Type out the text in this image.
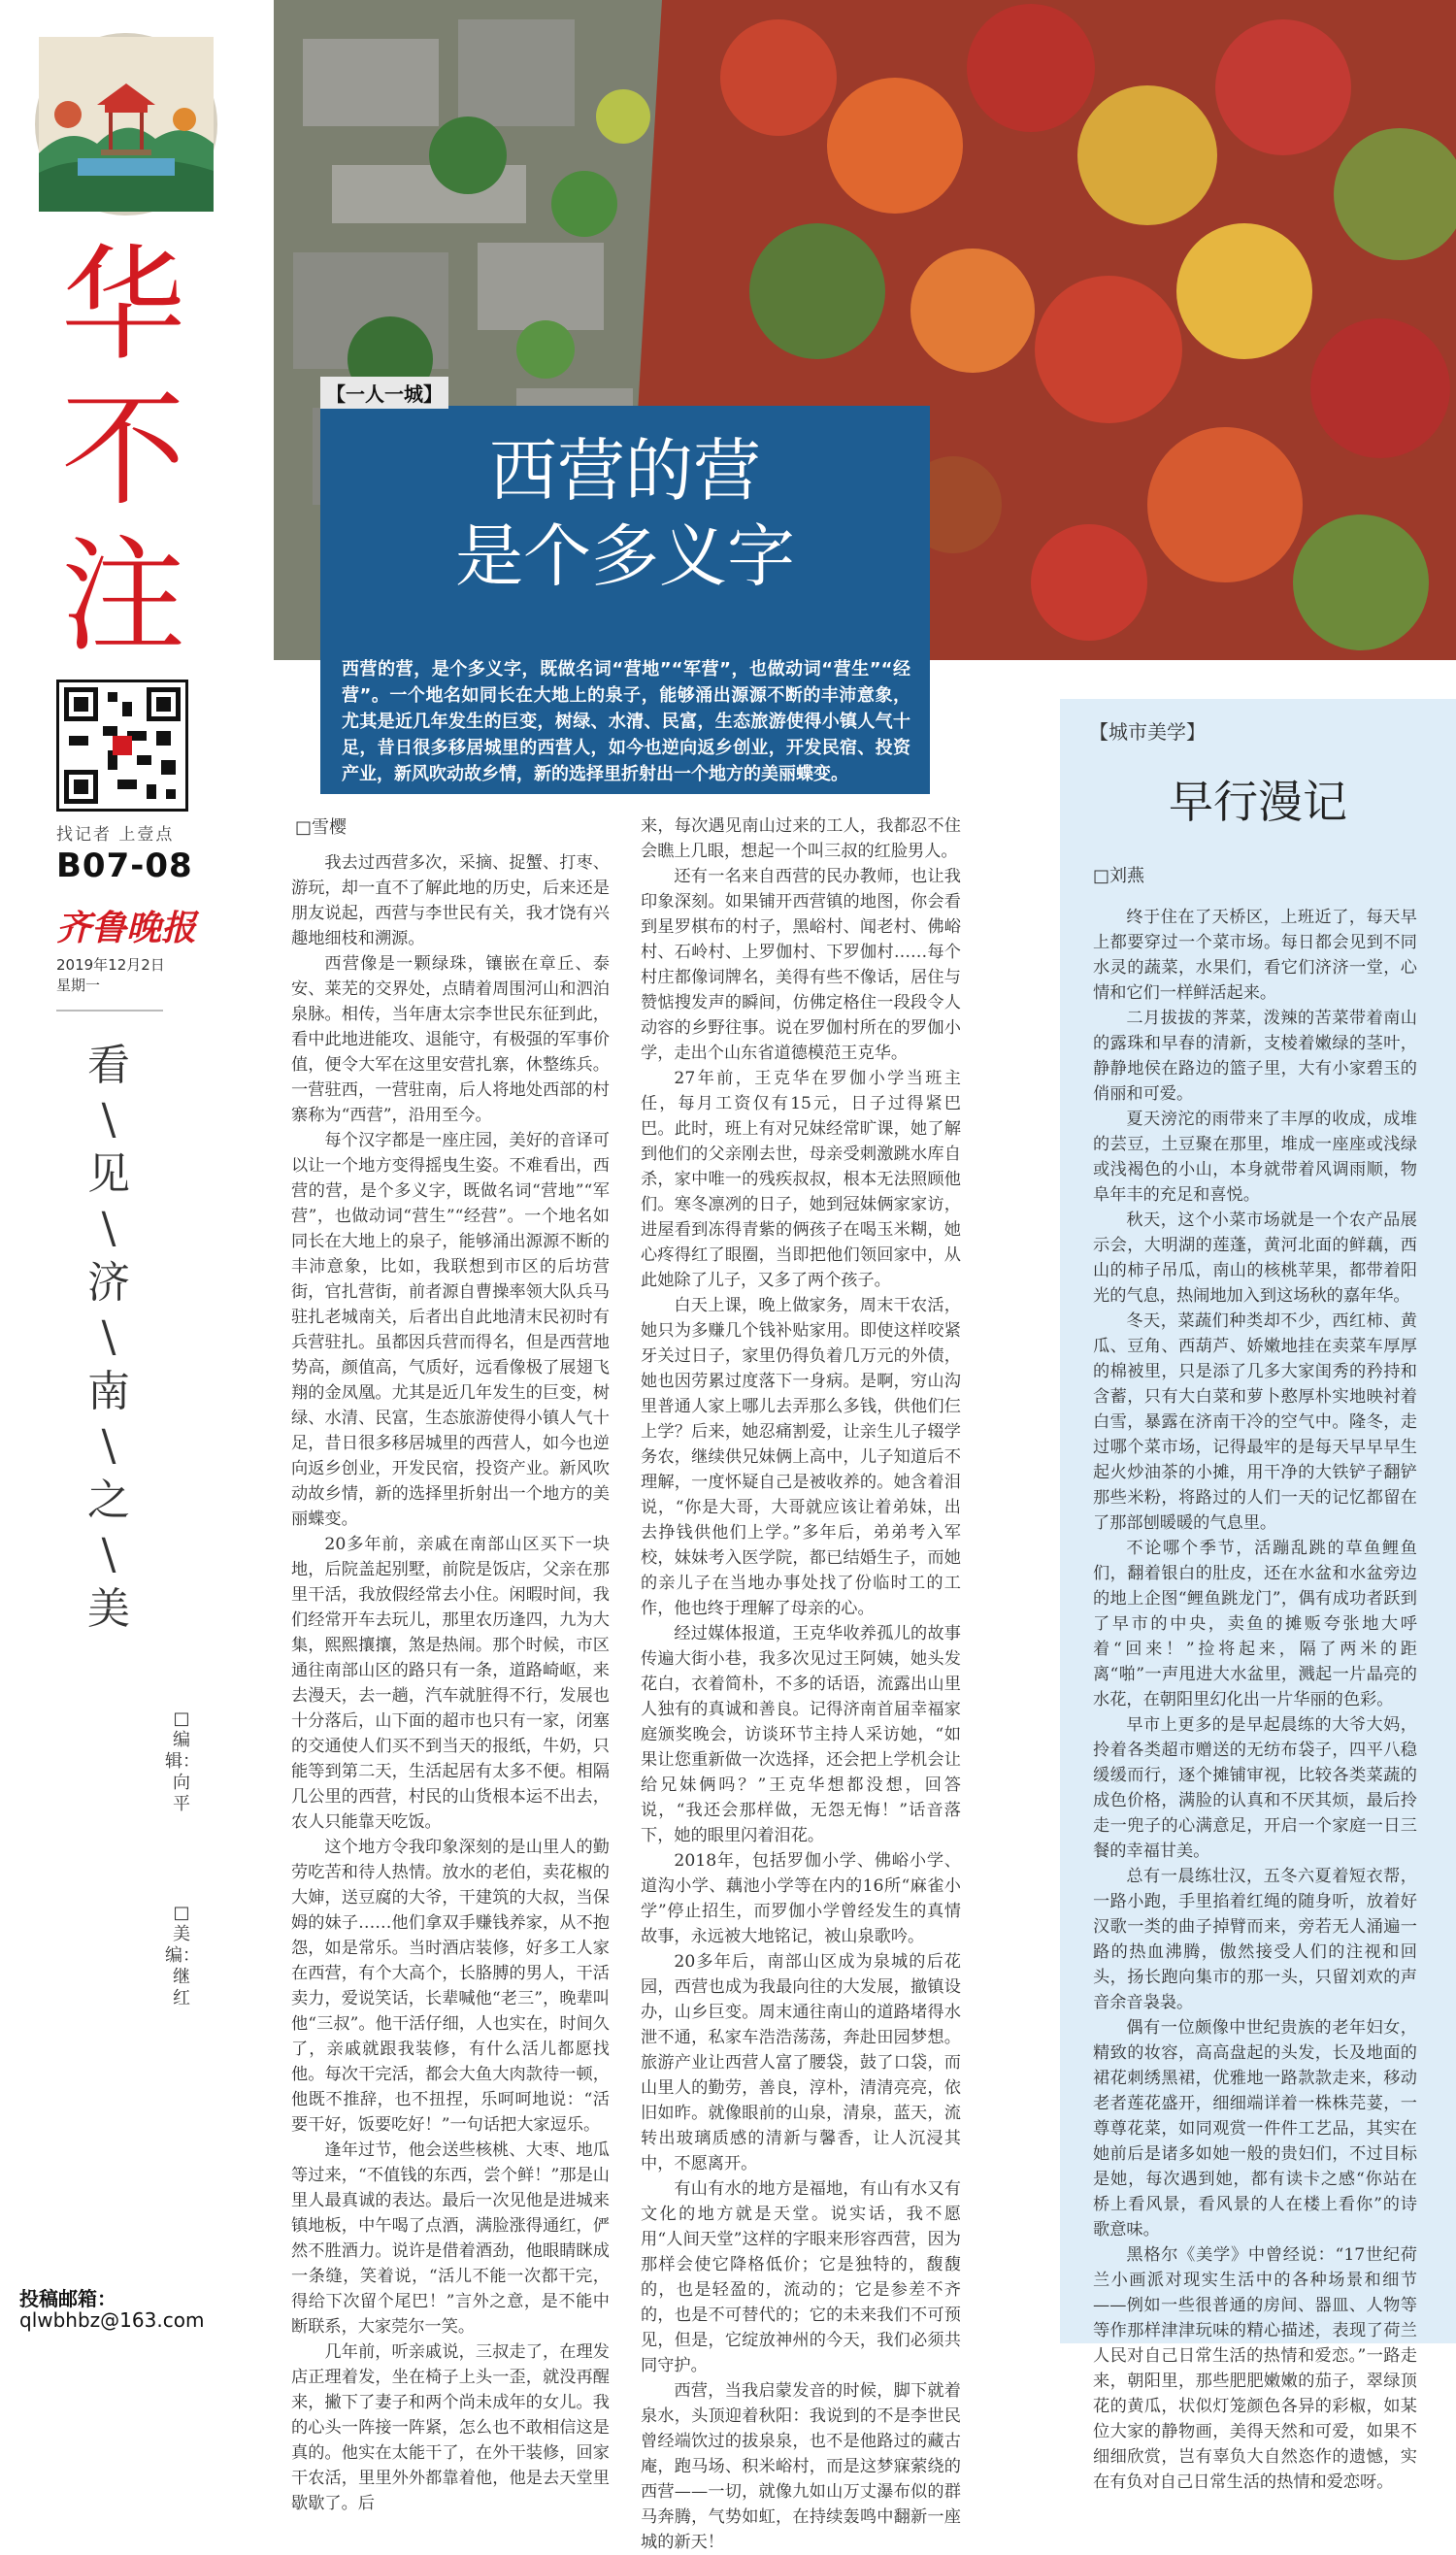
华
不
注
找记者 上壹点
B07-08
齐鲁晚报
2019年12月2日
星期一
看
\
见
\
济
\
南
\
之
\
美
□编辑：向平
□美编：继红
投稿邮箱：
qlwbhbz@163.com
【一人一城】
西营的营
是个多义字
西营的营，是个多义字，既做名词“营地”“军营”，也做动词“营生”“经营”。一个地名如同长在大地上的泉子，能够涌出源源不断的丰沛意象，尤其是近几年发生的巨变，树绿、水清、民富，生态旅游使得小镇人气十足，昔日很多移居城里的西营人，如今也逆向返乡创业，开发民宿、投资产业，新风吹动故乡情，新的选择里折射出一个地方的美丽蝶变。
□雪樱

我去过西营多次，采摘、捉蟹、打枣、游玩，却一直不了解此地的历史，后来还是朋友说起，西营与李世民有关，我才饶有兴趣地细枝和溯源。

西营像是一颗绿珠，镶嵌在章丘、泰安、莱芜的交界处，点睛着周围河山和泗泊泉脉。相传，当年唐太宗李世民东征到此，看中此地进能攻、退能守，有极强的军事价值，便令大军在这里安营扎寨，休整练兵。一营驻西，一营驻南，后人将地处西部的村寨称为“西营”，沿用至今。

每个汉字都是一座庄园，美好的音译可以让一个地方变得摇曳生姿。不难看出，西营的营，是个多义字，既做名词“营地”“军营”，也做动词“营生”“经营”。一个地名如同长在大地上的泉子，能够涌出源源不断的丰沛意象，比如，我联想到市区的后坊营街，官扎营街，前者源自曹操率领大队兵马驻扎老城南关，后者出自此地清末民初时有兵营驻扎。虽都因兵营而得名，但是西营地势高，颜值高，气质好，远看像极了展翅飞翔的金凤凰。尤其是近几年发生的巨变，树绿、水清、民富，生态旅游使得小镇人气十足，昔日很多移居城里的西营人，如今也逆向返乡创业，开发民宿，投资产业。新风吹动故乡情，新的选择里折射出一个地方的美丽蝶变。

20多年前，亲戚在南部山区买下一块地，后院盖起别墅，前院是饭店，父亲在那里干活，我放假经常去小住。闲暇时间，我们经常开车去玩儿，那里农历逢四，九为大集，熙熙攘攘，煞是热闹。那个时候，市区通往南部山区的路只有一条，道路崎岖，来去漫天，去一趟，汽车就脏得不行，发展也十分落后，山下面的超市也只有一家，闭塞的交通使人们买不到当天的报纸，牛奶，只能等到第二天，生活起居有太多不便。相隔几公里的西营，村民的山货根本运不出去，农人只能靠天吃饭。

这个地方令我印象深刻的是山里人的勤劳吃苦和待人热情。放水的老伯，卖花椒的大婶，送豆腐的大爷，干建筑的大叔，当保姆的妹子……他们拿双手赚钱养家，从不抱怨，如是常乐。当时酒店装修，好多工人家在西营，有个大高个，长胳膊的男人，干活卖力，爱说笑话，长辈喊他“老三”，晚辈叫他“三叔”。他干活仔细，人也实在，时间久了，亲戚就跟我装修，有什么活儿都愿找他。每次干完活，都会大鱼大肉款待一顿，他既不推辞，也不扭捏，乐呵呵地说：“活要干好，饭要吃好！”一句话把大家逗乐。

逢年过节，他会送些核桃、大枣、地瓜等过来，“不值钱的东西，尝个鲜！”那是山里人最真诚的表达。最后一次见他是进城来镇地板，中午喝了点酒，满脸涨得通红，俨然不胜酒力。说许是借着酒劲，他眼睛眯成一条缝，笑着说，“活儿不能一次都干完，得给下次留个尾巴！”言外之意，是不能中断联系，大家莞尔一笑。

几年前，听亲戚说，三叔走了，在理发店正理着发，坐在椅子上头一歪，就没再醒来，撇下了妻子和两个尚未成年的女儿。我的心头一阵接一阵紧，怎么也不敢相信这是真的。他实在太能干了，在外干装修，回家干农活，里里外外都靠着他，他是去天堂里歇歇了。后

来，每次遇见南山过来的工人，我都忍不住会瞧上几眼，想起一个叫三叔的红脸男人。

还有一名来自西营的民办教师，也让我印象深刻。如果铺开西营镇的地图，你会看到星罗棋布的村子，黑峪村、闻老村、佛峪村、石岭村、上罗伽村、下罗伽村……每个村庄都像词牌名，美得有些不像话，居住与赞惦搜发声的瞬间，仿佛定格住一段段令人动容的乡野往事。说在罗伽村所在的罗伽小学，走出个山东省道德模范王克华。

27年前，王克华在罗伽小学当班主任，每月工资仅有15元，日子过得紧巴巴。此时，班上有对兄妹经常旷课，她了解到他们的父亲刚去世，母亲受刺激跳水库自杀，家中唯一的残疾叔叔，根本无法照顾他们。寒冬凛冽的日子，她到冠妹俩家家访，进屋看到冻得青紫的俩孩子在喝玉米糊，她心疼得红了眼圈，当即把他们领回家中，从此她除了儿子，又多了两个孩子。

白天上课，晚上做家务，周末干农活，她只为多赚几个钱补贴家用。即使这样咬紧牙关过日子，家里仍得负着几万元的外债，她也因劳累过度落下一身病。是啊，穷山沟里普通人家上哪儿去弄那么多钱，供他们仨上学？后来，她忍痛割爱，让亲生儿子辍学务农，继续供兄妹俩上高中，儿子知道后不理解，一度怀疑自己是被收养的。她含着泪说，“你是大哥，大哥就应该让着弟妹，出去挣钱供他们上学。”多年后，弟弟考入军校，妹妹考入医学院，都已结婚生子，而她的亲儿子在当地办事处找了份临时工的工作，他也终于理解了母亲的心。

经过媒体报道，王克华收养孤儿的故事传遍大街小巷，我多次见过王阿姨，她头发花白，衣着简朴，不多的话语，流露出山里人独有的真诚和善良。记得济南首届幸福家庭颁奖晚会，访谈环节主持人采访她，“如果让您重新做一次选择，还会把上学机会让给兄妹俩吗？”王克华想都没想，回答说，“我还会那样做，无怨无悔！”话音落下，她的眼里闪着泪花。

2018年，包括罗伽小学、佛峪小学、道沟小学、藕池小学等在内的16所“麻雀小学”停止招生，而罗伽小学曾经发生的真情故事，永远被大地铭记，被山泉歌吟。

20多年后，南部山区成为泉城的后花园，西营也成为我最向往的大发展，撤镇设办，山乡巨变。周末通往南山的道路堵得水泄不通，私家车浩浩荡荡，奔赴田园梦想。旅游产业让西营人富了腰袋，鼓了口袋，而山里人的勤劳，善良，淳朴，清清亮亮，依旧如昨。就像眼前的山泉，清泉，蓝天，流转出玻璃质感的清新与馨香，让人沉浸其中，不愿离开。

有山有水的地方是福地，有山有水又有文化的地方就是天堂。说实话，我不愿用“人间天堂”这样的字眼来形容西营，因为那样会使它降格低价；它是独特的，馥馥的，也是轻盈的，流动的；它是参差不齐的，也是不可替代的；它的未来我们不可预见，但是，它绽放神州的今天，我们必须共同守护。

西营，当我启蒙发音的时候，脚下就着泉水，头顶迎着秋阳：我说到的不是李世民曾经端饮过的拔泉泉，也不是他路过的藏古庵，跑马场、积米峪村，而是这梦寐萦绕的西营——一切，就像九如山万丈瀑布似的群马奔腾，气势如虹，在持续轰鸣中翻新一座城的新天！

【城市美学】
早行漫记
□刘燕

终于住在了天桥区，上班近了，每天早上都要穿过一个菜市场。每日都会见到不同水灵的蔬菜，水果们，看它们济济一堂，心情和它们一样鲜活起来。

二月拔拔的荠菜，泼辣的苦菜带着南山的露珠和早春的清新，支棱着嫩绿的茎叶，静静地侯在路边的篮子里，大有小家碧玉的俏丽和可爱。

夏天滂沱的雨带来了丰厚的收成，成堆的芸豆，土豆聚在那里，堆成一座座或浅绿或浅褐色的小山，本身就带着风调雨顺，物阜年丰的充足和喜悦。

秋天，这个小菜市场就是一个农产品展示会，大明湖的莲蓬，黄河北面的鲜藕，西山的柿子吊瓜，南山的核桃苹果，都带着阳光的气息，热闹地加入到这场秋的嘉年华。

冬天，菜蔬们种类却不少，西红柿、黄瓜、豆角、西葫芦、娇嫩地挂在卖菜车厚厚的棉被里，只是添了几多大家闺秀的矜持和含蓄，只有大白菜和萝卜憨厚朴实地映衬着白雪，暴露在济南干冷的空气中。隆冬，走过哪个菜市场，记得最牢的是每天早早早生起火炒油茶的小摊，用干净的大铁铲子翻铲那些米粉，将路过的人们一天的记忆都留在了那部刨暖暖的气息里。

不论哪个季节，活蹦乱跳的草鱼鲤鱼们，翻着银白的肚皮，还在水盆和水盆旁边的地上企图“鲤鱼跳龙门”，偶有成功者跃到了早市的中央，卖鱼的摊贩夸张地大呼着“回来！”捡将起来，隔了两米的距离“啪”一声甩进大水盆里，溅起一片晶亮的水花，在朝阳里幻化出一片华丽的色彩。

早市上更多的是早起晨练的大爷大妈，拎着各类超市赠送的无纺布袋子，四平八稳缓缓而行，逐个摊铺审视，比较各类菜蔬的成色价格，满脸的认真和不厌其烦，最后拎走一兜子的心满意足，开启一个家庭一日三餐的幸福甘美。

总有一晨练壮汉，五冬六夏着短衣帮，一路小跑，手里掐着红绳的随身听，放着好汉歌一类的曲子掉臂而来，旁若无人涌遍一路的热血沸腾，傲然接受人们的注视和回头，扬长跑向集市的那一头，只留刘欢的声音余音袅袅。

偶有一位颇像中世纪贵族的老年妇女，精致的妆容，高高盘起的头发，长及地面的裙花刺绣黑裙，优雅地一路款款走来，移动老者莲花盛开，细细端详着一株株芫荽，一尊尊花菜，如同观赏一件件工艺品，其实在她前后是诸多如她一般的贵妇们，不过目标是她，每次遇到她，都有读卡之感“你站在桥上看风景，看风景的人在楼上看你”的诗歌意味。

黑格尔《美学》中曾经说：“17世纪荷兰小画派对现实生活中的各种场景和细节——例如一些很普通的房间、器皿、人物等等作那样津津玩味的精心描述，表现了荷兰人民对自己日常生活的热情和爱恋。”一路走来，朝阳里，那些肥肥嫩嫩的茄子，翠绿顶花的黄瓜，状似灯笼颜色各异的彩椒，如某位大家的静物画，美得天然和可爱，如果不细细欣赏，岂有辜负大自然恣作的遗憾，实在有负对自己日常生活的热情和爱恋呀。
